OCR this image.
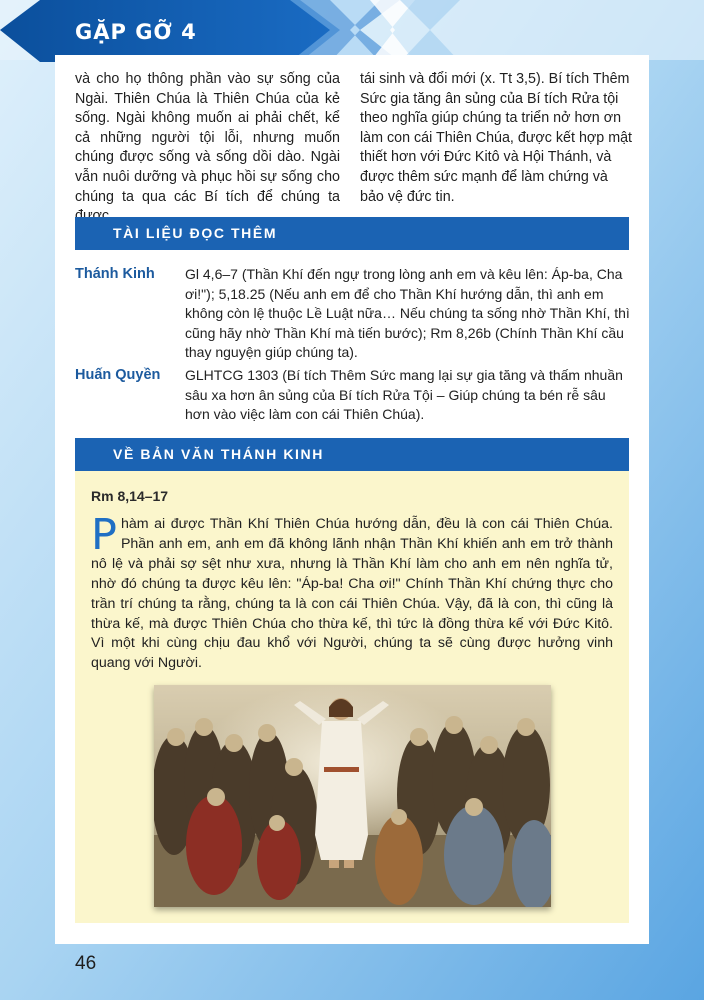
GẶP GỠ 4
và cho họ thông phần vào sự sống của Ngài. Thiên Chúa là Thiên Chúa của kẻ sống. Ngài không muốn ai phải chết, kể cả những người tội lỗi, nhưng muốn chúng được sống và sống dồi dào. Ngài vẫn nuôi dưỡng và phục hồi sự sống cho chúng ta qua các Bí tích để chúng ta
tái sinh và đổi mới (x. Tt 3,5). Bí tích Thêm Sức gia tăng ân sủng của Bí tích Rửa tội theo nghĩa giúp chúng ta triển nở hơn ơn làm con cái Thiên Chúa, được kết hợp mật thiết hơn với Đức Kitô và Hội Thánh, và được thêm sức mạnh để làm chứng và bảo vệ đức tin.
TÀI LIỆU ĐỌC THÊM
Thánh Kinh Gl 4,6–7 (Thần Khí đến ngự trong lòng anh em và kêu lên: Áp-ba, Cha ơi!"); 5,18.25 (Nếu anh em để cho Thần Khí hướng dẫn, thì anh em không còn lệ thuộc Lề Luật nữa… Nếu chúng ta sống nhờ Thần Khí, thì cũng hãy nhờ Thần Khí mà tiến bước); Rm 8,26b (Chính Thần Khí cầu thay nguyện giúp chúng ta).
Huấn Quyền GLHTCG 1303 (Bí tích Thêm Sức mang lại sự gia tăng và thấm nhuần sâu xa hơn ân sủng của Bí tích Rửa Tội – Giúp chúng ta bén rễ sâu hơn vào việc làm con cái Thiên Chúa).
VỀ BẢN VĂN THÁNH KINH
Rm 8,14–17
Phàm ai được Thần Khí Thiên Chúa hướng dẫn, đều là con cái Thiên Chúa. Phần anh em, anh em đã không lãnh nhận Thần Khí khiến anh em trở thành nô lệ và phải sợ sệt như xưa, nhưng là Thần Khí làm cho anh em nên nghĩa tử, nhờ đó chúng ta được kêu lên: "Áp-ba! Cha ơi!" Chính Thần Khí chứng thực cho trần trí chúng ta rằng, chúng ta là con cái Thiên Chúa. Vậy, đã là con, thì cũng là thừa kế, mà được Thiên Chúa cho thừa kế, thì tức là đồng thừa kế với Đức Kitô. Vì một khi cùng chịu đau khổ với Người, chúng ta sẽ cùng được hưởng vinh quang với Người.
46
